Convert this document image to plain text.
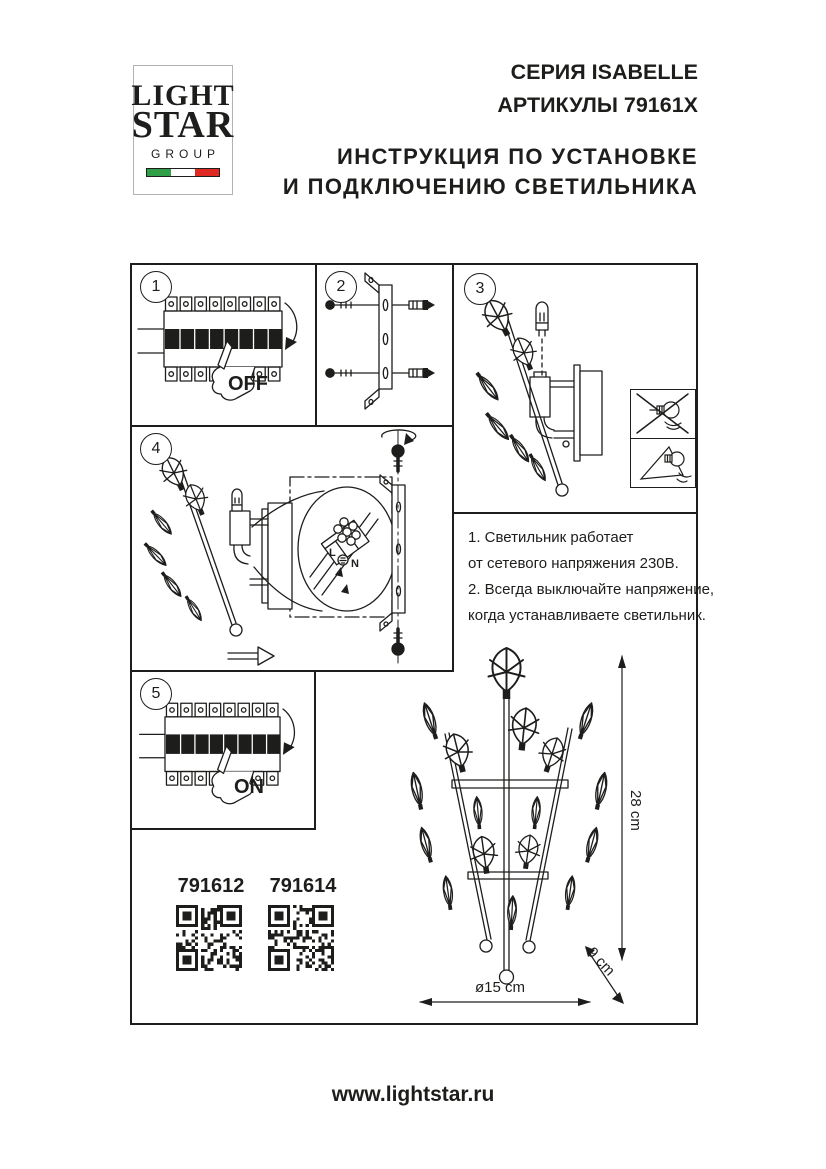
LIGHT
STAR
GROUP
СЕРИЯ ISABELLE
АРТИКУЛЫ 79161X
ИНСТРУКЦИЯ ПО УСТАНОВКЕ
И ПОДКЛЮЧЕНИЮ СВЕТИЛЬНИКА
1
OFF
2	3
4
L
N
5
ON
1. Светильник работает
от сетевого напряжения 230В.
2. Всегда выключайте напряжение,
когда устанавливаете светильник.
791612 791614
28 cm
9 cm
ø15 cm
www.lightstar.ru
